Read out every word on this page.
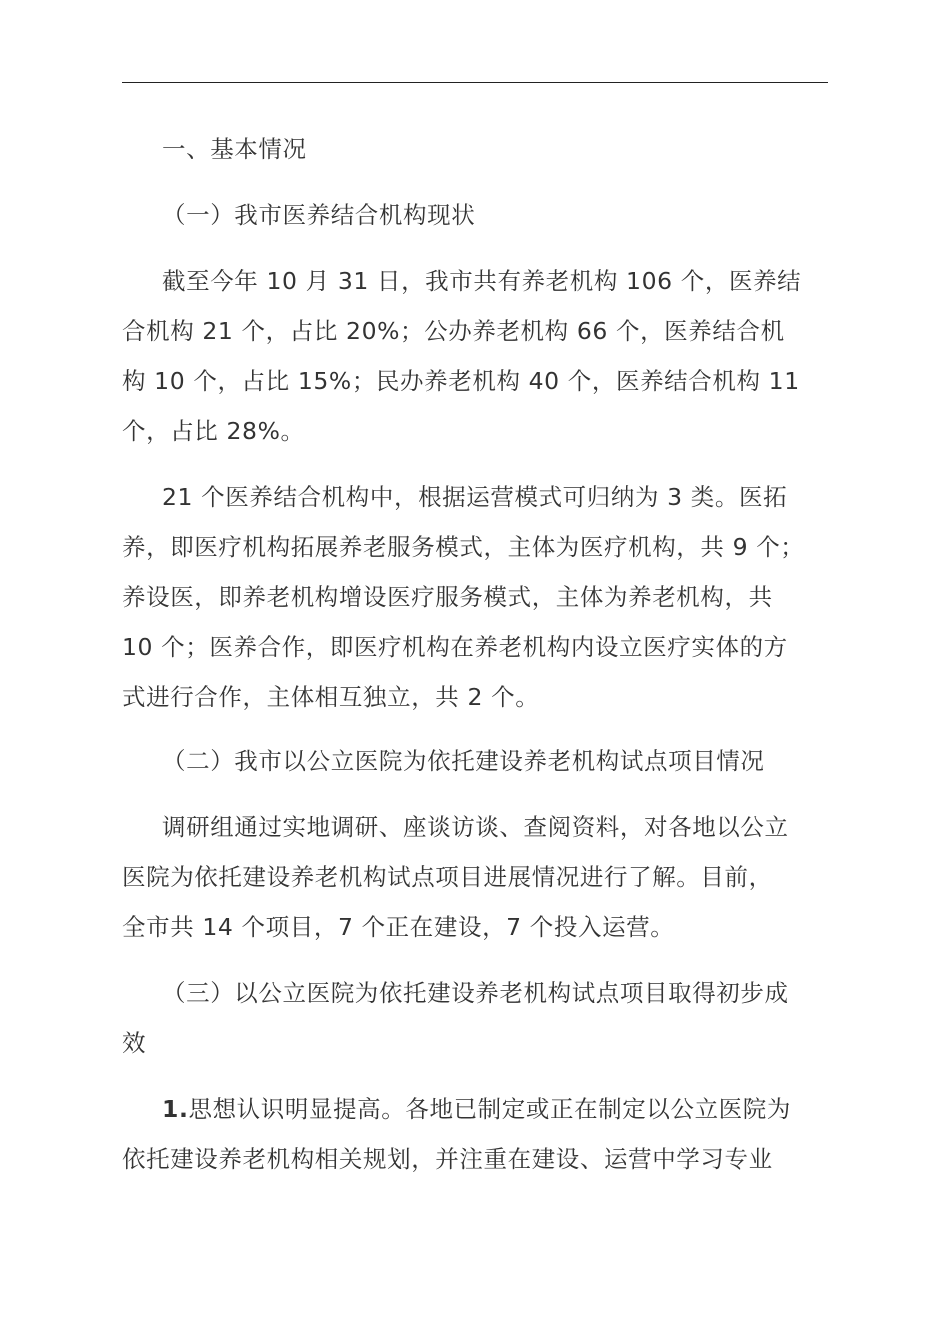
一、基本情况
（一）我市医养结合机构现状
截至今年 10 月 31 日，我市共有养老机构 106 个，医养结
合机构 21 个，占比 20%；公办养老机构 66 个，医养结合机
构 10 个，占比 15%；民办养老机构 40 个，医养结合机构 11
个，占比 28%。
21 个医养结合机构中，根据运营模式可归纳为 3 类。医拓
养，即医疗机构拓展养老服务模式，主体为医疗机构，共 9 个；
养设医，即养老机构增设医疗服务模式，主体为养老机构，共
10 个；医养合作，即医疗机构在养老机构内设立医疗实体的方
式进行合作，主体相互独立，共 2 个。
（二）我市以公立医院为依托建设养老机构试点项目情况
调研组通过实地调研、座谈访谈、查阅资料，对各地以公立
医院为依托建设养老机构试点项目进展情况进行了解。目前，
全市共 14 个项目，7 个正在建设，7 个投入运营。
（三）以公立医院为依托建设养老机构试点项目取得初步成
效
1.思想认识明显提高。各地已制定或正在制定以公立医院为
依托建设养老机构相关规划，并注重在建设、运营中学习专业
